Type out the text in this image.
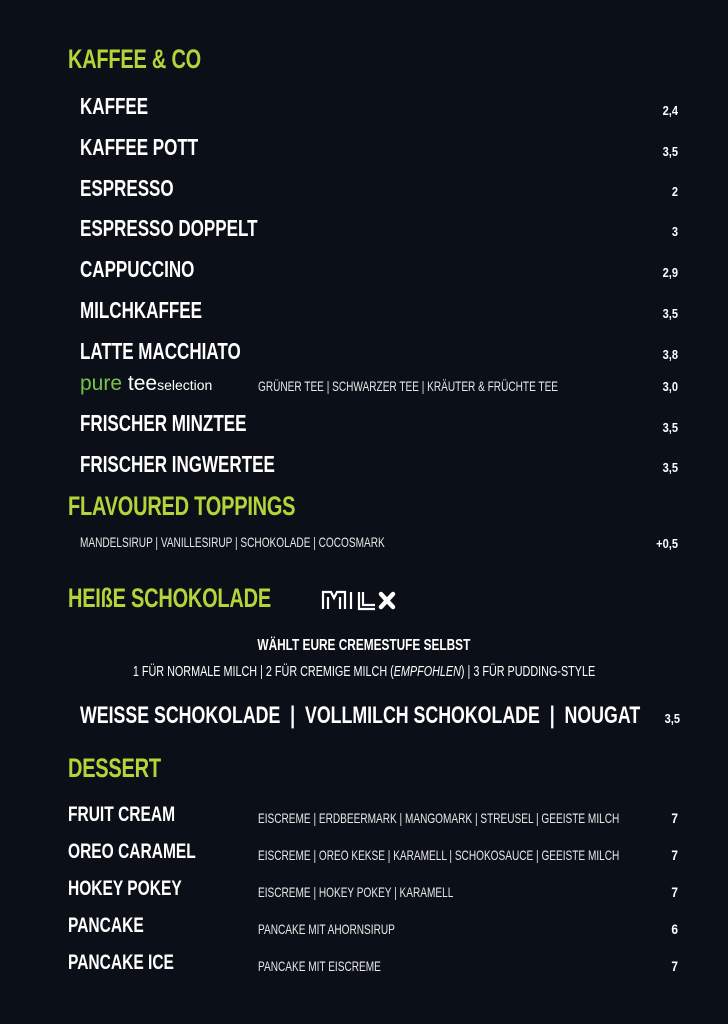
KAFFEE & CO
KAFFEE	2,4
KAFFEE POTT	3,5
ESPRESSO	2
ESPRESSO DOPPELT	3
CAPPUCCINO	2,9
MILCHKAFFEE	3,5
LATTE MACCHIATO	3,8
pure teeselection	GRÜNER TEE | SCHWARZER TEE | KRÄUTER & FRÜCHTE TEE	3,0
FRISCHER MINZTEE	3,5
FRISCHER INGWERTEE	3,5
FLAVOURED TOPPINGS
MANDELSIRUP | VANILLESIRUP | SCHOKOLADE | COCOSMARK	+0,5
HEIßE SCHOKOLADE
WÄHLT EURE CREMESTUFE SELBST
1 FÜR NORMALE MILCH | 2 FÜR CREMIGE MILCH (EMPFOHLEN) | 3 FÜR PUDDING-STYLE
WEISSE SCHOKOLADE  |  VOLLMILCH SCHOKOLADE  |  NOUGAT	3,5
DESSERT
FRUIT CREAM	EISCREME | ERDBEERMARK | MANGOMARK | STREUSEL | GEEISTE MILCH	7
OREO CARAMEL	EISCREME | OREO KEKSE | KARAMELL | SCHOKOSAUCE | GEEISTE MILCH	7
HOKEY POKEY	EISCREME | HOKEY POKEY | KARAMELL	7
PANCAKE	PANCAKE MIT AHORNSIRUP	6
PANCAKE ICE	PANCAKE MIT EISCREME	7
